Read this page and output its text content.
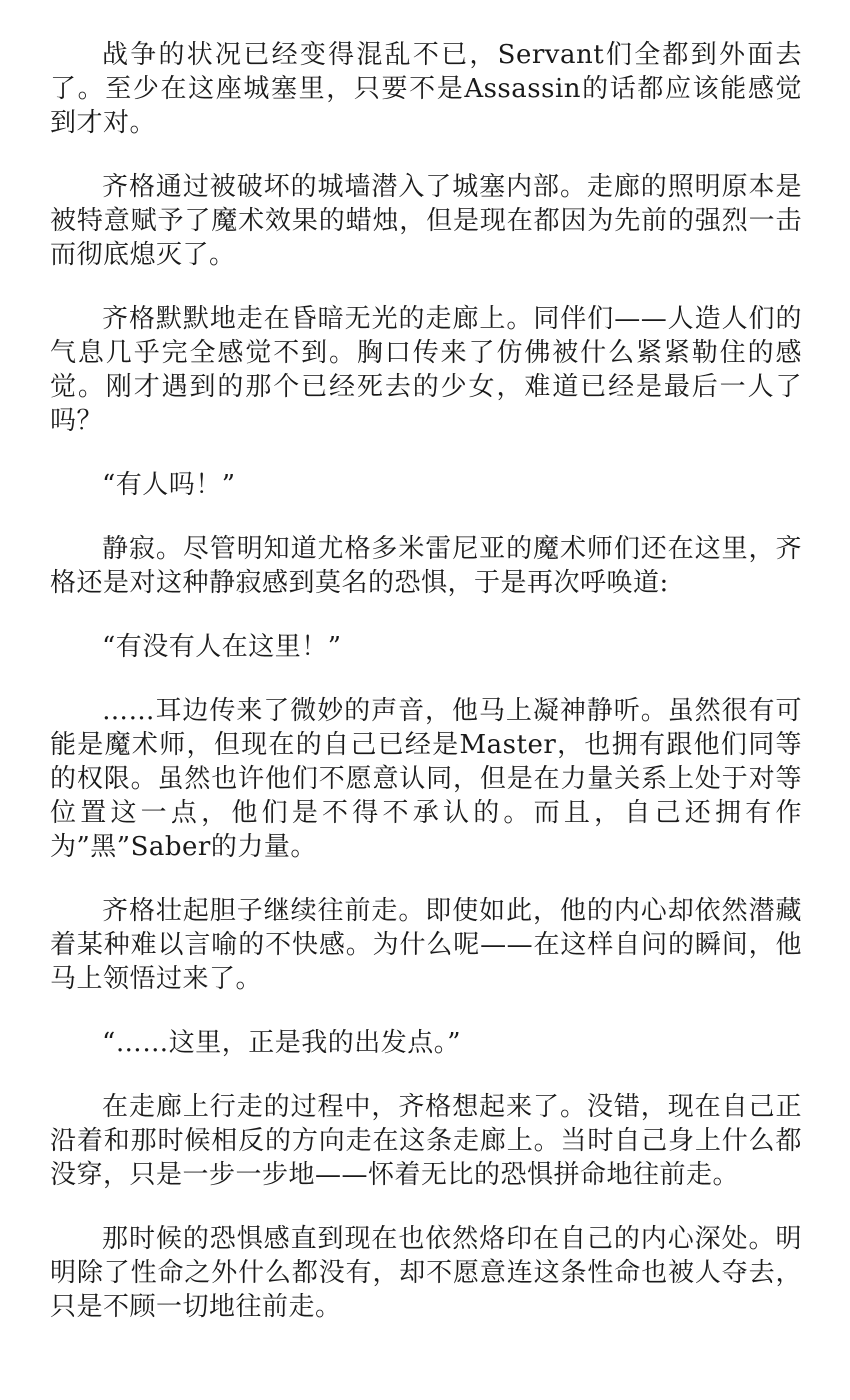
战争的状况已经变得混乱不已，Servant们全都到外面去了。至少在这座城塞里，只要不是Assassin的话都应该能感觉到才对。

齐格通过被破坏的城墙潜入了城塞内部。走廊的照明原本是被特意赋予了魔术效果的蜡烛，但是现在都因为先前的强烈一击而彻底熄灭了。

齐格默默地走在昏暗无光的走廊上。同伴们——人造人们的气息几乎完全感觉不到。胸口传来了仿佛被什么紧紧勒住的感觉。刚才遇到的那个已经死去的少女，难道已经是最后一人了吗？

“有人吗！”

静寂。尽管明知道尤格多米雷尼亚的魔术师们还在这里，齐格还是对这种静寂感到莫名的恐惧，于是再次呼唤道:

“有没有人在这里！”

……耳边传来了微妙的声音，他马上凝神静听。虽然很有可能是魔术师，但现在的自己已经是Master，也拥有跟他们同等的权限。虽然也许他们不愿意认同，但是在力量关系上处于对等位置这一点，他们是不得不承认的。而且，自己还拥有作为”黑”Saber的力量。

齐格壮起胆子继续往前走。即使如此，他的内心却依然潜藏着某种难以言喻的不快感。为什么呢——在这样自问的瞬间，他马上领悟过来了。

“……这里，正是我的出发点。”

在走廊上行走的过程中，齐格想起来了。没错，现在自己正沿着和那时候相反的方向走在这条走廊上。当时自己身上什么都没穿，只是一步一步地——怀着无比的恐惧拼命地往前走。

那时候的恐惧感直到现在也依然烙印在自己的内心深处。明明除了性命之外什么都没有，却不愿意连这条性命也被人夺去，只是不顾一切地往前走。
